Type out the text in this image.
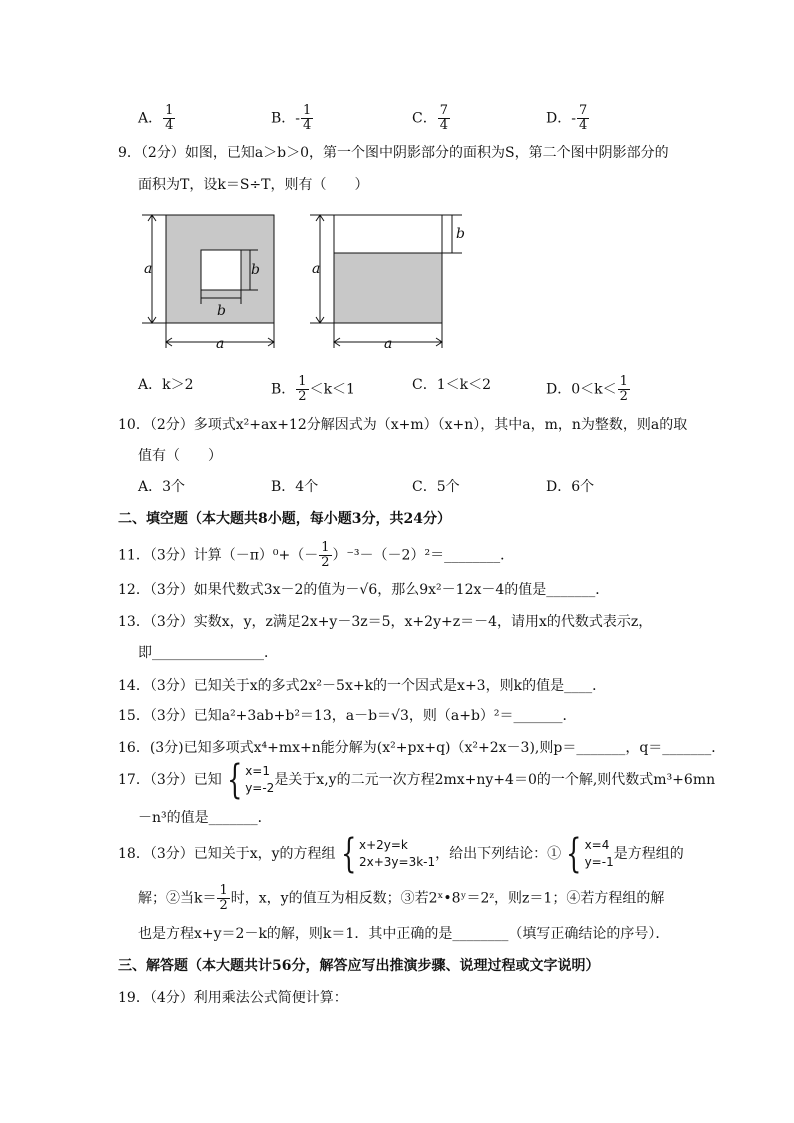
A． $\frac{1}{4}$	B．- $\frac{1}{4}$	C． $\frac{7}{4}$	D．- $\frac{7}{4}$
9．（2分）如图，已知a＞b＞0，第一个图中阴影部分的面积为S，第二个图中阴影部分的
面积为T，设k＝S÷T，则有（　　）
a
a
b
b
a
b
a
A．k＞2	B． $\frac{1}{2} <k<1$	C．1＜k＜2	D．$0<k< \frac{1}{2}$
10．（2分）多项式x²+ax+12分解因式为（x+m）（x+n），其中a，m，n为整数，则a的取
值有（　　）
A．3个	B．4个	C．5个	D．6个
二、填空题（本大题共8小题，每小题3分，共24分）
11．（3分）计算$(-\pi)^0+(- \frac{1}{2}$ ）⁻³－（－2）²＝________．
12．（3分）如果代数式3x－2的值为－√6，那么9x²－12x－4的值是_______．
13．（3分）实数x，y，z满足2x+y－3z＝5，x+2y+z＝－4，请用x的代数式表示z，
即________________．
14．（3分）已知关于x的多式2x²－5x+k的一个因式是x+3，则k的值是____．
15．（3分）已知a²+3ab+b²＝13，a－b＝√3，则（a+b）²＝_______．
16．(3分)已知多项式x⁴+mx+n能分解为(x²+px+q)（x²+2x－3),则p＝_______，q＝_______．
17．（3分）已知 { x=1
y=-2 是关于x,y的二元一次方程2mx+ny+4＝0的一个解,则代数式m³+6mn
－n³的值是_______．
18．（3分）已知关于x，y的方程组 { x+2y=k
2x+3y=3k-1 ，给出下列结论：① { x=4
y=-1 是方程组的
解；②当$k= \frac{1}{2}$ 时，x，y的值互为相反数；③若2ˣ•8ʸ＝2ᶻ，则z＝1；④若方程组的解
也是方程x+y＝2－k的解，则k＝1．其中正确的是________（填写正确结论的序号）．
三、解答题（本大题共计56分，解答应写出推演步骤、说理过程或文字说明）
19．（4分）利用乘法公式简便计算：
